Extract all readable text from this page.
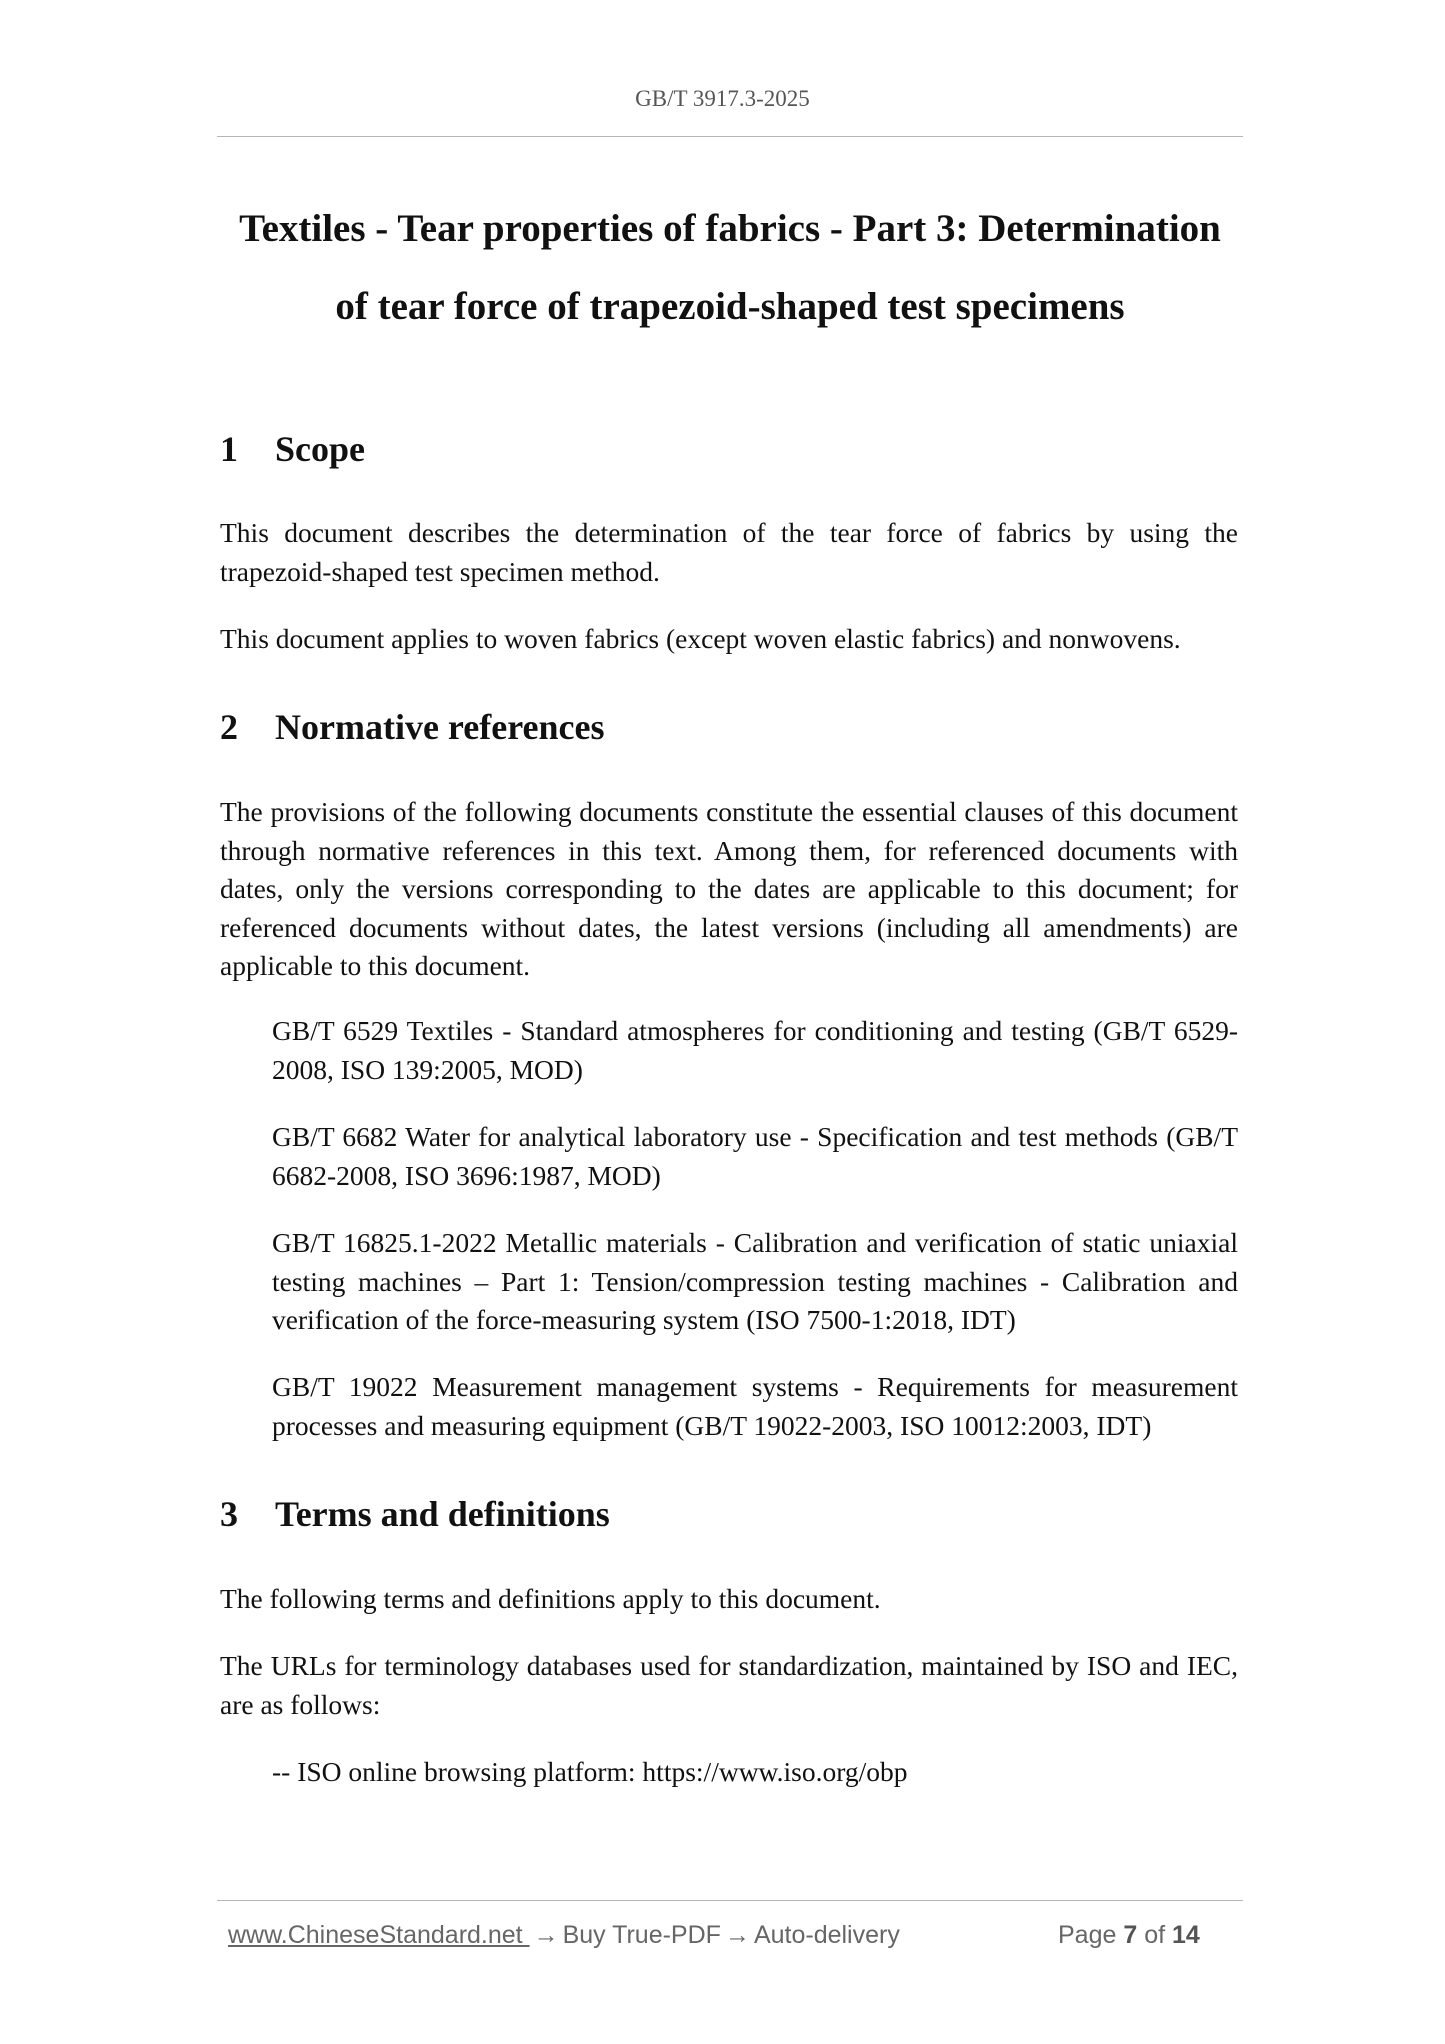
GB/T 3917.3-2025
Textiles - Tear properties of fabrics - Part 3: Determination
of tear force of trapezoid-shaped test specimens
1 Scope

This document describes the determination of the tear force of fabrics by using the trapezoid-shaped test specimen method.

This document applies to woven fabrics (except woven elastic fabrics) and nonwovens.

2 Normative references

The provisions of the following documents constitute the essential clauses of this document through normative references in this text. Among them, for referenced documents with dates, only the versions corresponding to the dates are applicable to this document; for referenced documents without dates, the latest versions (including all amendments) are applicable to this document.

GB/T 6529 Textiles - Standard atmospheres for conditioning and testing (GB/T 6529-2008, ISO 139:2005, MOD)

GB/T 6682 Water for analytical laboratory use - Specification and test methods (GB/T 6682-2008, ISO 3696:1987, MOD)

GB/T 16825.1-2022 Metallic materials - Calibration and verification of static uniaxial testing machines – Part 1: Tension/compression testing machines - Calibration and verification of the force-measuring system (ISO 7500-1:2018, IDT)

GB/T 19022 Measurement management systems - Requirements for measurement processes and measuring equipment (GB/T 19022-2003, ISO 10012:2003, IDT)

3 Terms and definitions

The following terms and definitions apply to this document.

The URLs for terminology databases used for standardization, maintained by ISO and IEC, are as follows:

-- ISO online browsing platform: https://www.iso.org/obp

www.ChineseStandard.net → Buy True-PDF → Auto-delivery	Page 7 of 14
